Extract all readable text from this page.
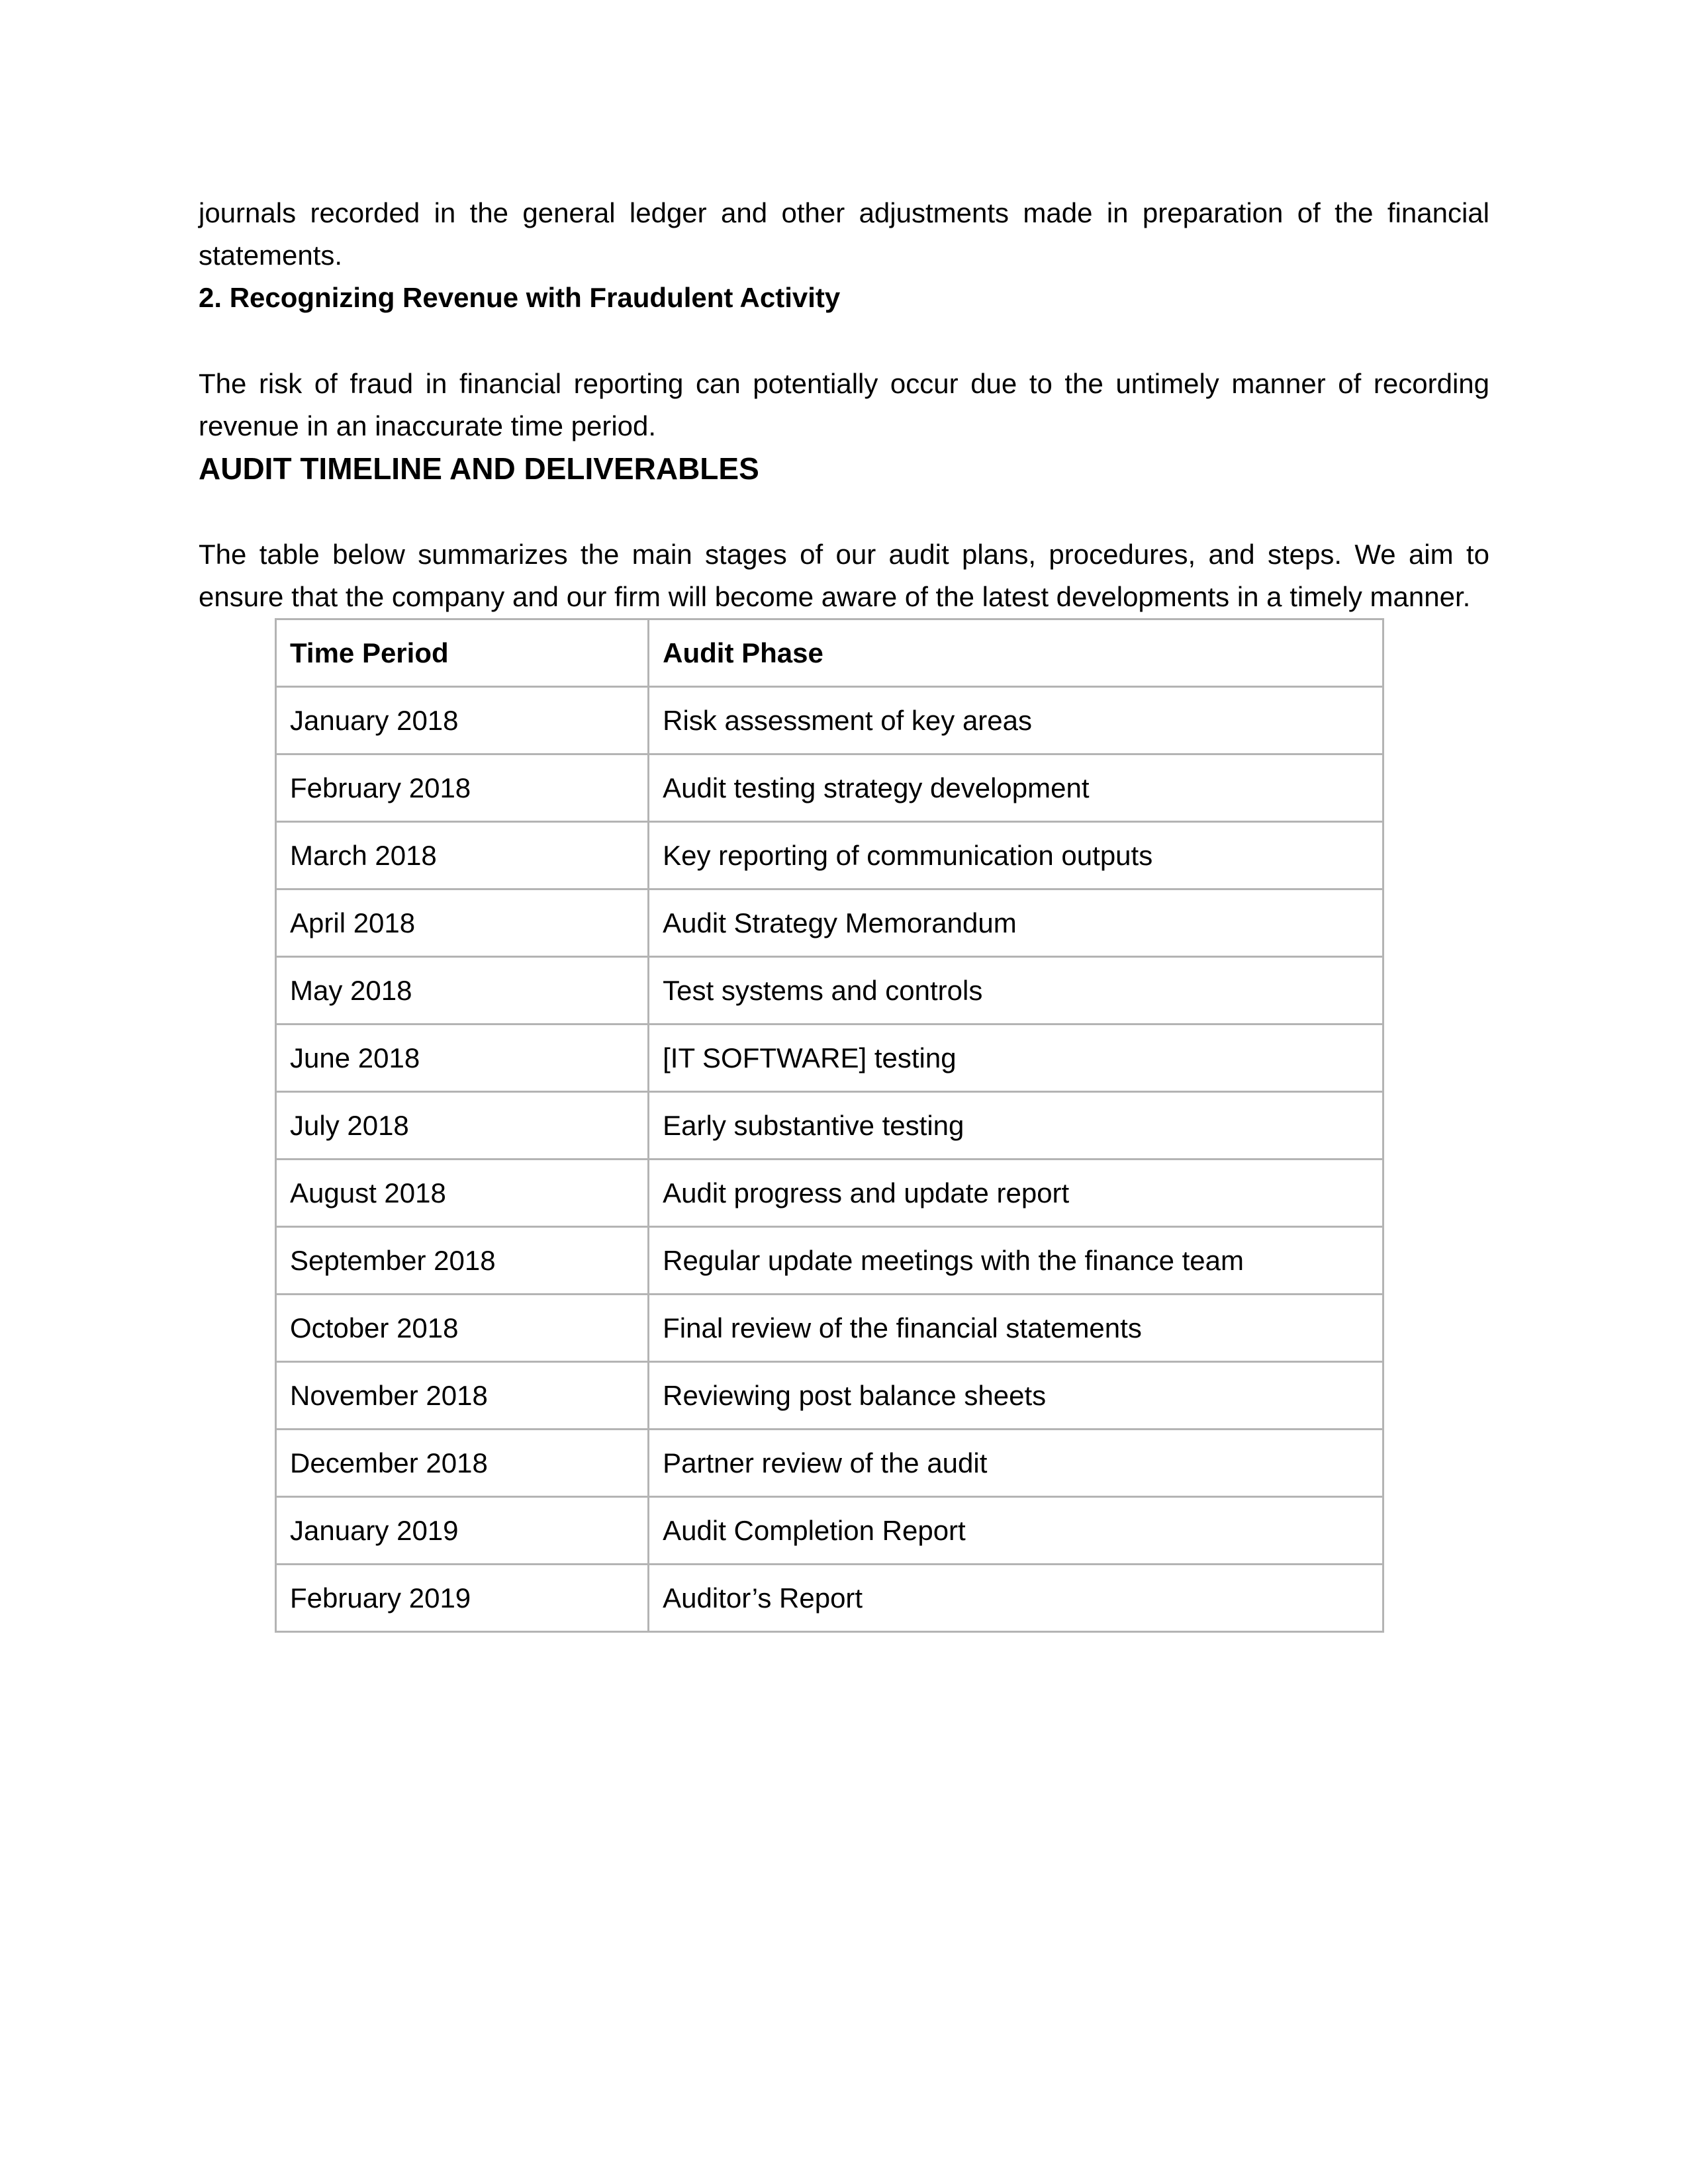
journals recorded in the general ledger and other adjustments made in preparation of the financial statements.

2. Recognizing Revenue with Fraudulent Activity

The risk of fraud in financial reporting can potentially occur due to the untimely manner of recording revenue in an inaccurate time period.

AUDIT TIMELINE AND DELIVERABLES

The table below summarizes the main stages of our audit plans, procedures, and steps. We aim to ensure that the company and our firm will become aware of the latest developments in a timely manner.

Time Period	Audit Phase
January 2018	Risk assessment of key areas
February 2018	Audit testing strategy development
March 2018	Key reporting of communication outputs
April 2018	Audit Strategy Memorandum
May 2018	Test systems and controls
June 2018	[IT SOFTWARE] testing
July 2018	Early substantive testing
August 2018	Audit progress and update report
September 2018	Regular update meetings with the finance team
October 2018	Final review of the financial statements
November 2018	Reviewing post balance sheets
December 2018	Partner review of the audit
January 2019	Audit Completion Report
February 2019	Auditor’s Report
